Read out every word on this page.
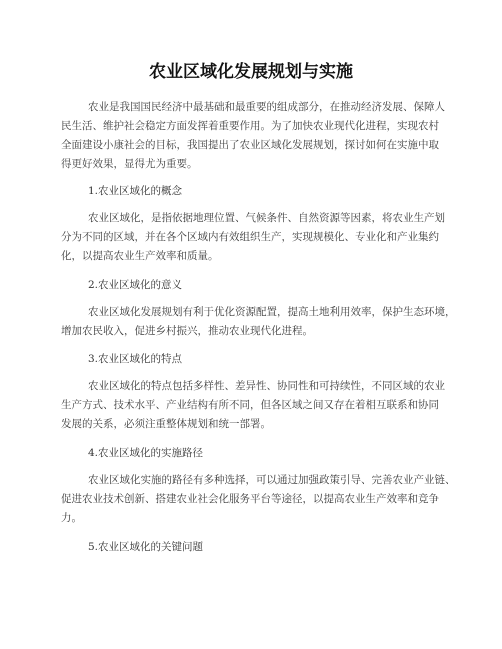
农业区域化发展规划与实施

农业是我国国民经济中最基础和最重要的组成部分，在推动经济发展、保障人

民生活、维护社会稳定方面发挥着重要作用。为了加快农业现代化进程，实现农村

全面建设小康社会的目标，我国提出了农业区域化发展规划，探讨如何在实施中取

得更好效果，显得尤为重要。

1.农业区域化的概念

农业区域化，是指依据地理位置、气候条件、自然资源等因素，将农业生产划

分为不同的区域，并在各个区域内有效组织生产，实现规模化、专业化和产业集约

化，以提高农业生产效率和质量。

2.农业区域化的意义

农业区域化发展规划有利于优化资源配置，提高土地利用效率，保护生态环境，

增加农民收入，促进乡村振兴，推动农业现代化进程。

3.农业区域化的特点

农业区域化的特点包括多样性、差异性、协同性和可持续性，不同区域的农业

生产方式、技术水平、产业结构有所不同，但各区域之间又存在着相互联系和协同

发展的关系，必须注重整体规划和统一部署。

4.农业区域化的实施路径

农业区域化实施的路径有多种选择，可以通过加强政策引导、完善农业产业链、

促进农业技术创新、搭建农业社会化服务平台等途径，以提高农业生产效率和竞争

力。

5.农业区域化的关键问题
